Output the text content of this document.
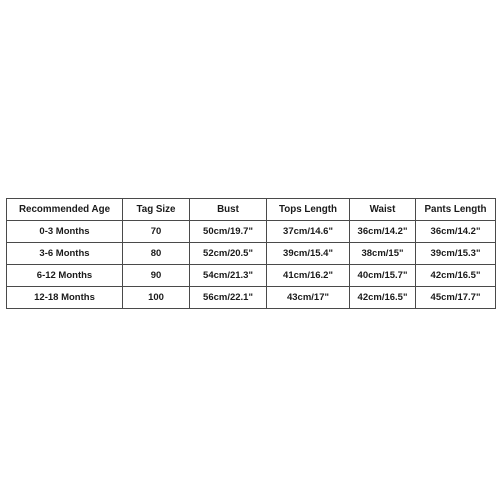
Recommended Age	Tag Size	Bust	Tops Length	Waist	Pants Length
0-3 Months	70	50cm/19.7"	37cm/14.6"	36cm/14.2"	36cm/14.2"
3-6 Months	80	52cm/20.5"	39cm/15.4"	38cm/15"	39cm/15.3"
6-12 Months	90	54cm/21.3"	41cm/16.2"	40cm/15.7"	42cm/16.5"
12-18 Months	100	56cm/22.1"	43cm/17"	42cm/16.5"	45cm/17.7"
